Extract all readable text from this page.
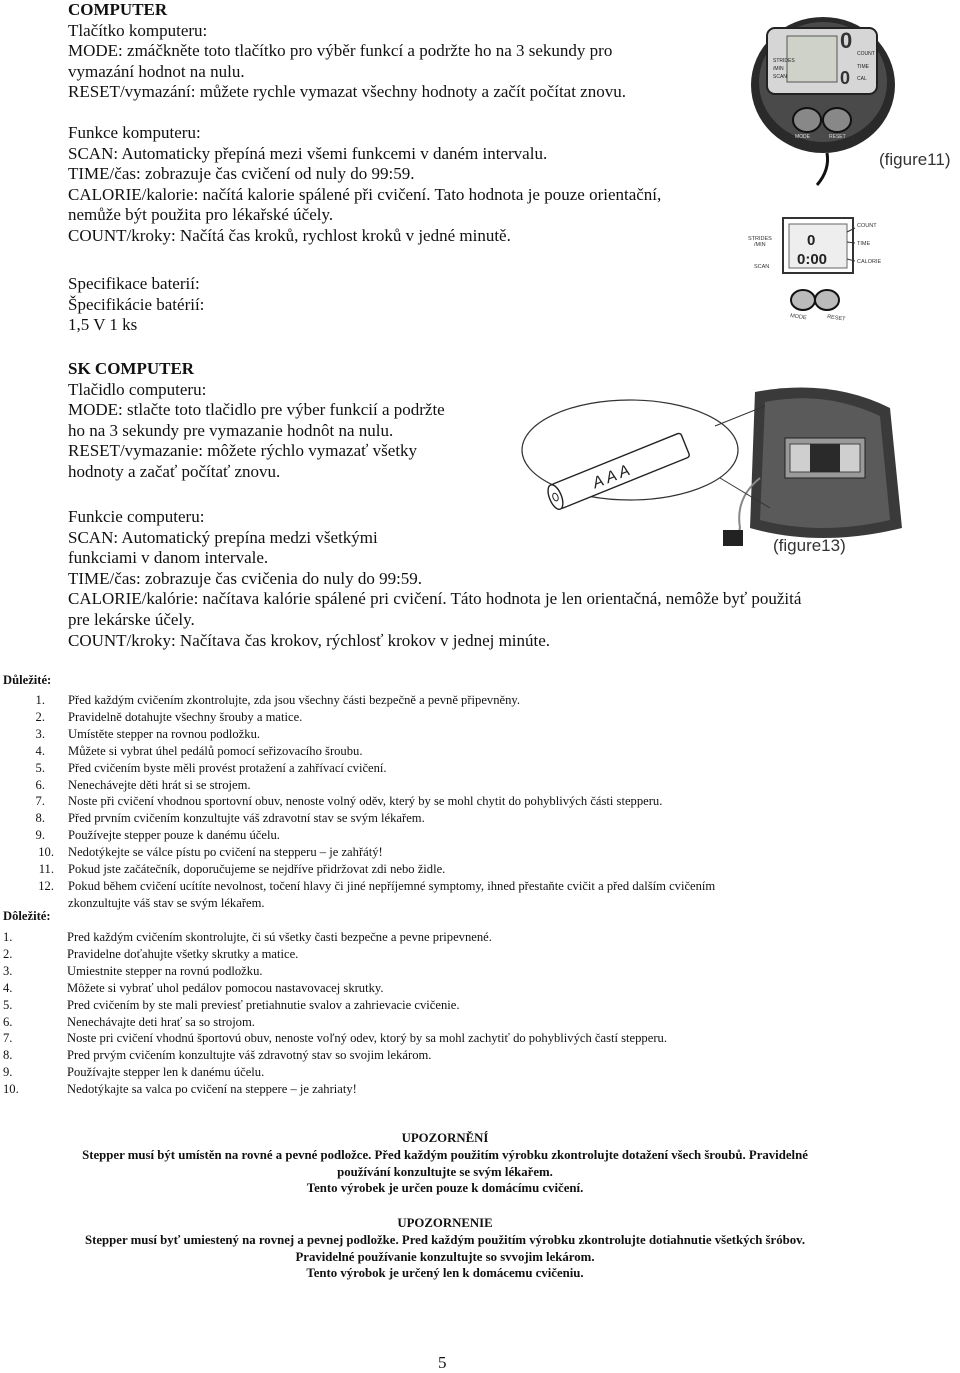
COMPUTER
Tlačítko komputeru:
MODE: zmáčkněte toto tlačítko pro výběr funkcí a podržte ho na 3 sekundy pro
vymazání hodnot na nulu.
RESET/vymazání: můžete rychle vymazat všechny hodnoty a začít počítat znovu.
Funkce komputeru:
SCAN: Automaticky přepíná mezi všemi funkcemi v daném intervalu.
TIME/čas: zobrazuje čas cvičení od nuly do 99:59.
CALORIE/kalorie: načítá kalorie spálené při cvičení. Tato hodnota je pouze orientační,
nemůže být použita pro lékařské účely.
COUNT/kroky: Načítá čas kroků, rychlost kroků v jedné minutě.
Specifikace baterií:
Špecifikácie batérií:
1,5 V 1 ks
STRIDES
/MIN
SCAN
0
0
COUNT
TIME
CAL
MODE	RESET
0
0:00
STRIDES
/MIN
SCAN
COUNT
TIME
CALORIE
MODE	RESET
(figure11)
SK COMPUTER
Tlačidlo computeru:
MODE: stlačte toto tlačidlo pre výber funkcií a podržte
ho na 3 sekundy pre vymazanie hodnôt na nulu.
RESET/vymazanie: môžete rýchlo vymazať všetky
hodnoty a začať počítať znovu.
Funkcie computeru:
SCAN: Automatický prepína medzi všetkými
funkciami v danom intervale.
TIME/čas: zobrazuje čas cvičenia do nuly do 99:59.
CALORIE/kalórie: načítava kalórie spálené pri cvičení. Táto hodnota je len orientačná, nemôže byť použitá
pre lekárske účely.
COUNT/kroky: Načítava čas krokov, rýchlosť krokov v jednej minúte.
A A A
(figure13)
Důležité:
1. Před každým cvičením zkontrolujte, zda jsou všechny části bezpečně a pevně připevněny.
2. Pravidelně dotahujte všechny šrouby a matice.
3. Umístěte stepper na rovnou podložku.
4. Můžete si vybrat úhel pedálů pomocí seřizovacího šroubu.
5. Před cvičením byste měli provést protažení a zahřívací cvičení.
6. Nenechávejte děti hrát si se strojem.
7. Noste při cvičení vhodnou sportovní obuv, nenoste volný oděv, který by se mohl chytit do pohyblivých části stepperu.
8. Před prvním cvičením konzultujte váš zdravotní stav se svým lékařem.
9. Používejte stepper pouze k danému účelu.
10. Nedotýkejte se válce pístu po cvičení na stepperu – je zahřátý!
11. Pokud jste začátečník, doporučujeme se nejdříve přidržovat zdi nebo židle.
12. Pokud během cvičení ucítíte nevolnost, točení hlavy či jiné nepříjemné symptomy, ihned přestaňte cvičit a před dalším cvičením
zkonzultujte váš stav se svým lékařem.
Dôležité:
1.	Pred každým cvičením skontrolujte, či sú všetky časti bezpečne a pevne pripevnené.
2.	Pravidelne doťahujte všetky skrutky a matice.
3.	Umiestnite stepper na rovnú podložku.
4.	Môžete si vybrať uhol pedálov pomocou nastavovacej skrutky.
5.	Pred cvičením by ste mali previesť pretiahnutie svalov a zahrievacie cvičenie.
6.	Nenechávajte deti hrať sa so strojom.
7.	Noste pri cvičení vhodnú športovú obuv, nenoste voľný odev, ktorý by sa mohl zachytiť do pohyblivých častí stepperu.
8.	Pred prvým cvičením konzultujte váš zdravotný stav so svojim lekárom.
9.	Používajte stepper len k danému účelu.
10.	Nedotýkajte sa valca po cvičení na steppere – je zahriaty!
UPOZORNĚNÍ
Stepper musí být umístěn na rovné a pevné podložce. Před každým použitím výrobku zkontrolujte dotažení všech šroubů. Pravidelné
používání konzultujte se svým lékařem.
Tento výrobek je určen pouze k domácímu cvičení.
UPOZORNENIE
Stepper musí byť umiestený na rovnej a pevnej podložke. Pred každým použitím výrobku zkontrolujte dotiahnutie všetkých šróbov.
Pravidelné používanie konzultujte so svvojim lekárom.
Tento výrobok je určený len k domácemu cvičeniu.
5
